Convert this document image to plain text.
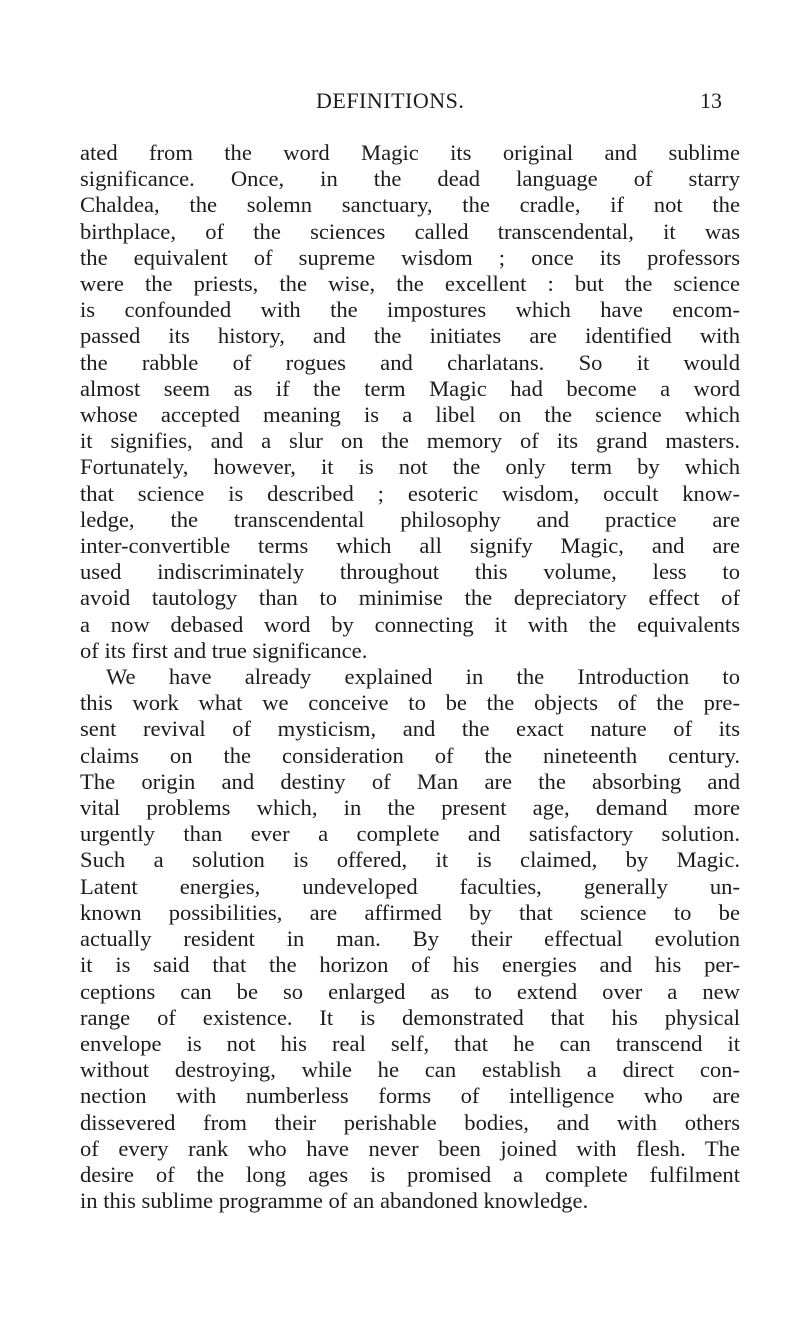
DEFINITIONS.	13
ated from the word Magic its original and sublime
significance. Once, in the dead language of starry
Chaldea, the solemn sanctuary, the cradle, if not the
birthplace, of the sciences called transcendental, it was
the equivalent of supreme wisdom ; once its professors
were the priests, the wise, the excellent : but the science
is confounded with the impostures which have encom-
passed its history, and the initiates are identified with
the rabble of rogues and charlatans. So it would
almost seem as if the term Magic had become a word
whose accepted meaning is a libel on the science which
it signifies, and a slur on the memory of its grand masters.
Fortunately, however, it is not the only term by which
that science is described ; esoteric wisdom, occult know-
ledge, the transcendental philosophy and practice are
inter-convertible terms which all signify Magic, and are
used indiscriminately throughout this volume, less to
avoid tautology than to minimise the depreciatory effect of
a now debased word by connecting it with the equivalents
of its first and true significance.
We have already explained in the Introduction to
this work what we conceive to be the objects of the pre-
sent revival of mysticism, and the exact nature of its
claims on the consideration of the nineteenth century.
The origin and destiny of Man are the absorbing and
vital problems which, in the present age, demand more
urgently than ever a complete and satisfactory solution.
Such a solution is offered, it is claimed, by Magic.
Latent energies, undeveloped faculties, generally un-
known possibilities, are affirmed by that science to be
actually resident in man. By their effectual evolution
it is said that the horizon of his energies and his per-
ceptions can be so enlarged as to extend over a new
range of existence. It is demonstrated that his physical
envelope is not his real self, that he can transcend it
without destroying, while he can establish a direct con-
nection with numberless forms of intelligence who are
dissevered from their perishable bodies, and with others
of every rank who have never been joined with flesh. The
desire of the long ages is promised a complete fulfilment
in this sublime programme of an abandoned knowledge.
